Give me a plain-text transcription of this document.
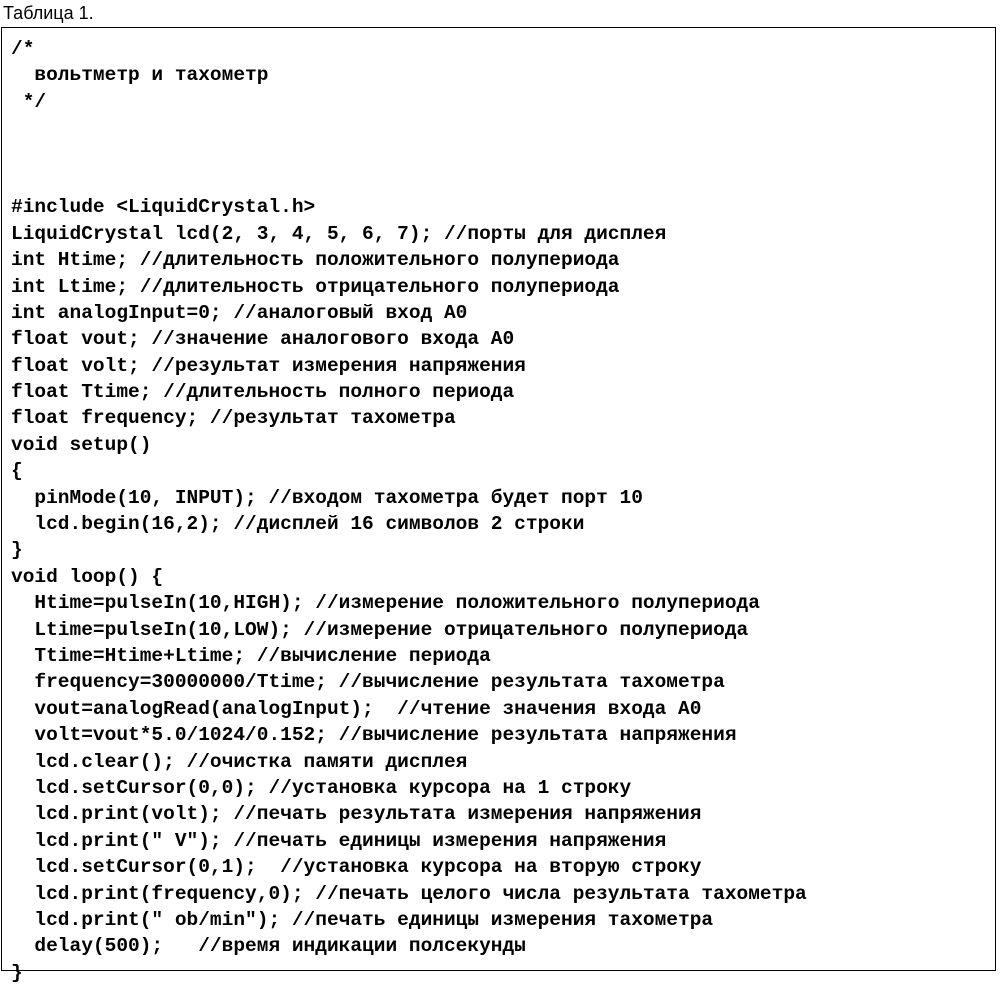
Таблица 1.

/*
вольтметр и тахометр
*/
#include <LiquidCrystal.h>
LiquidCrystal lcd(2, 3, 4, 5, 6, 7); //порты для дисплея
int Htime; //длительность положительного полупериода
int Ltime; //длительность отрицательного полупериода
int analogInput=0; //аналоговый вход A0
float vout; //значение аналогового входа A0
float volt; //результат измерения напряжения
float Ttime; //длительность полного периода
float frequency; //результат тахометра
void setup()
{
pinMode(10, INPUT); //входом тахометра будет порт 10
lcd.begin(16,2); //дисплей 16 символов 2 строки
}
void loop() {
Htime=pulseIn(10,HIGH); //измерение положительного полупериода
Ltime=pulseIn(10,LOW); //измерение отрицательного полупериода
Ttime=Htime+Ltime; //вычисление периода
frequency=30000000/Ttime; //вычисление результата тахометра
vout=analogRead(analogInput);  //чтение значения входа A0
volt=vout*5.0/1024/0.152; //вычисление результата напряжения
lcd.clear(); //очистка памяти дисплея
lcd.setCursor(0,0); //установка курсора на 1 строку
lcd.print(volt); //печать результата измерения напряжения
lcd.print(" V"); //печать единицы измерения напряжения
lcd.setCursor(0,1);  //установка курсора на вторую строку
lcd.print(frequency,0); //печать целого числа результата тахометра
lcd.print(" ob/min"); //печать единицы измерения тахометра
delay(500);   //время индикации полсекунды
}
